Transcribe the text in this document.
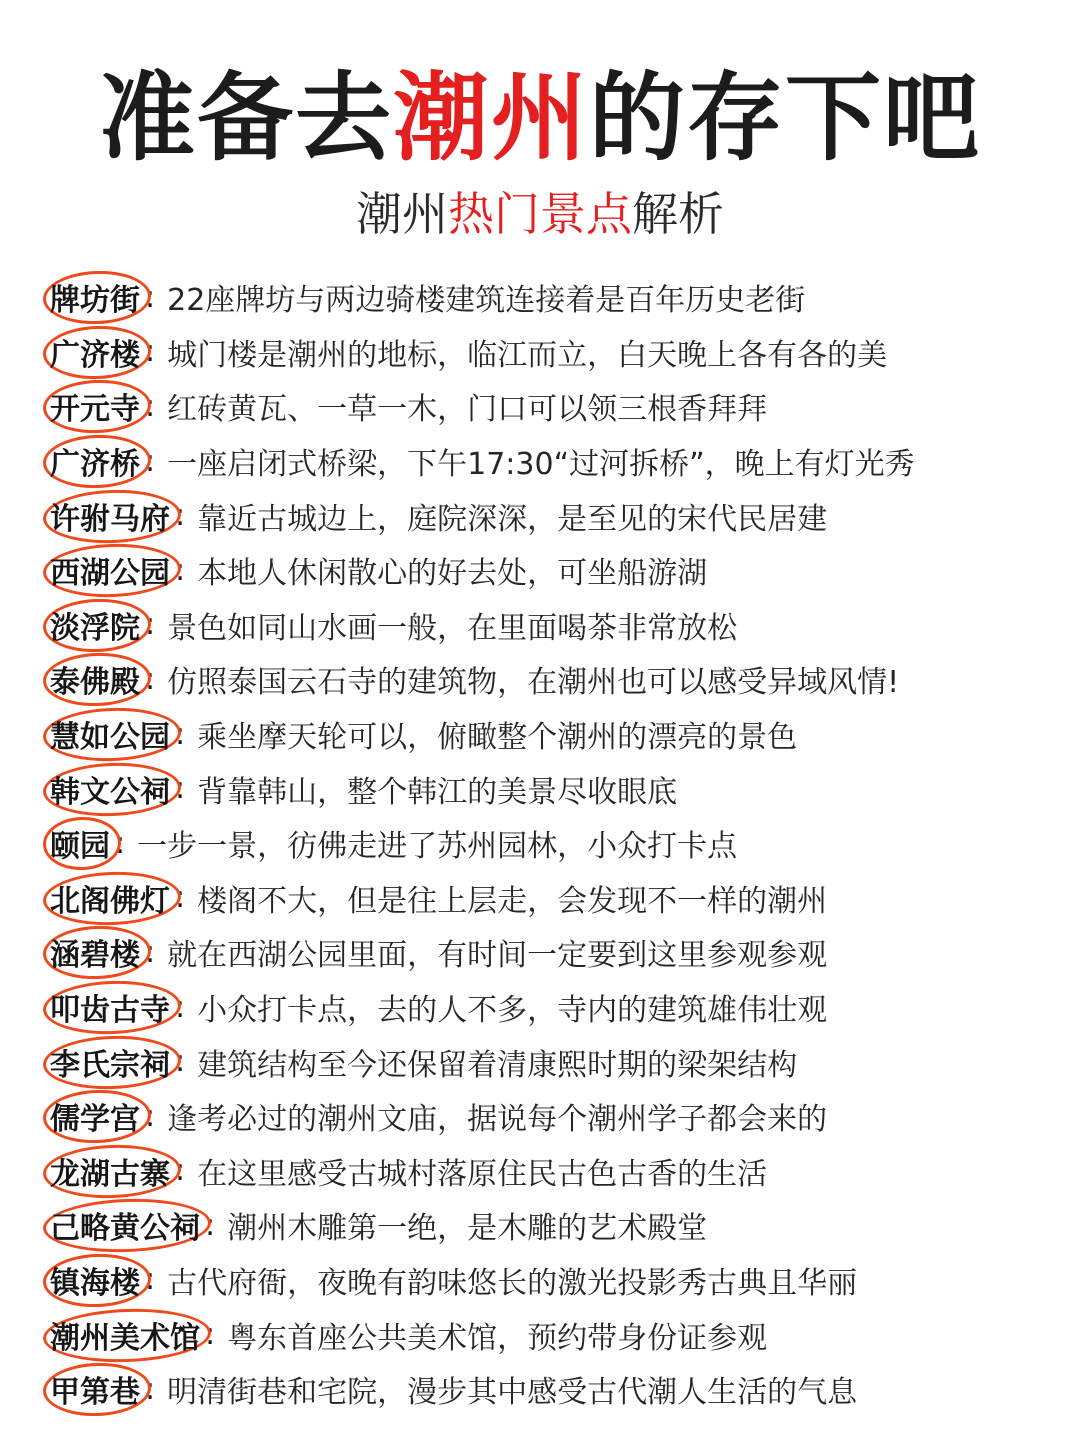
准备去潮州的存下吧
潮州热门景点解析
牌坊街 : 22座牌坊与两边骑楼建筑连接着是百年历史老街
广济楼 : 城门楼是潮州的地标，临江而立，白天晚上各有各的美
开元寺 : 红砖黄瓦、一草一木，门口可以领三根香拜拜
广济桥 : 一座启闭式桥梁，下午17:30“过河拆桥”，晚上有灯光秀
许驸马府 : 靠近古城边上，庭院深深，是至见的宋代民居建
西湖公园 : 本地人休闲散心的好去处，可坐船游湖
淡浮院 : 景色如同山水画一般，在里面喝茶非常放松
泰佛殿 : 仿照泰国云石寺的建筑物，在潮州也可以感受异域风情!
慧如公园 : 乘坐摩天轮可以，俯瞰整个潮州的漂亮的景色
韩文公祠 : 背靠韩山，整个韩江的美景尽收眼底
颐园 : 一步一景，彷佛走进了苏州园林，小众打卡点
北阁佛灯 : 楼阁不大，但是往上层走，会发现不一样的潮州
涵碧楼 : 就在西湖公园里面，有时间一定要到这里参观参观
叩齿古寺 : 小众打卡点，去的人不多，寺内的建筑雄伟壮观
李氏宗祠 : 建筑结构至今还保留着清康熙时期的梁架结构
儒学宫 : 逢考必过的潮州文庙，据说每个潮州学子都会来的
龙湖古寨 : 在这里感受古城村落原住民古色古香的生活
己略黄公祠 : 潮州木雕第一绝，是木雕的艺术殿堂
镇海楼 : 古代府衙，夜晚有韵味悠长的激光投影秀古典且华丽
潮州美术馆 : 粤东首座公共美术馆，预约带身份证参观
甲第巷 : 明清街巷和宅院，漫步其中感受古代潮人生活的气息
